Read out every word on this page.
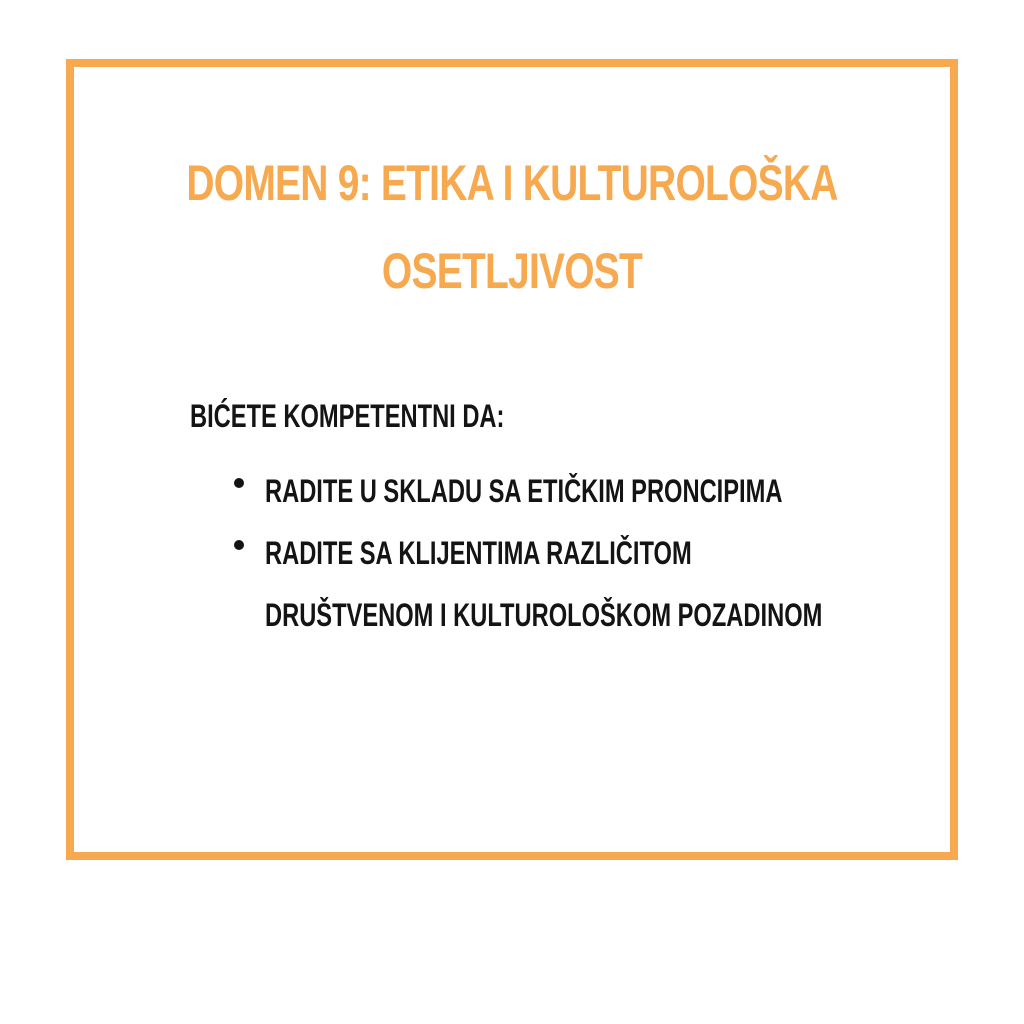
DOMEN 9: ETIKA I KULTUROLOŠKA
OSETLJIVOST
BIĆETE KOMPETENTNI DA:
RADITE U SKLADU SA ETIČKIM PRONCIPIMA
RADITE SA KLIJENTIMA RAZLIČITOM
DRUŠTVENOM I KULTUROLOŠKOM POZADINOM
